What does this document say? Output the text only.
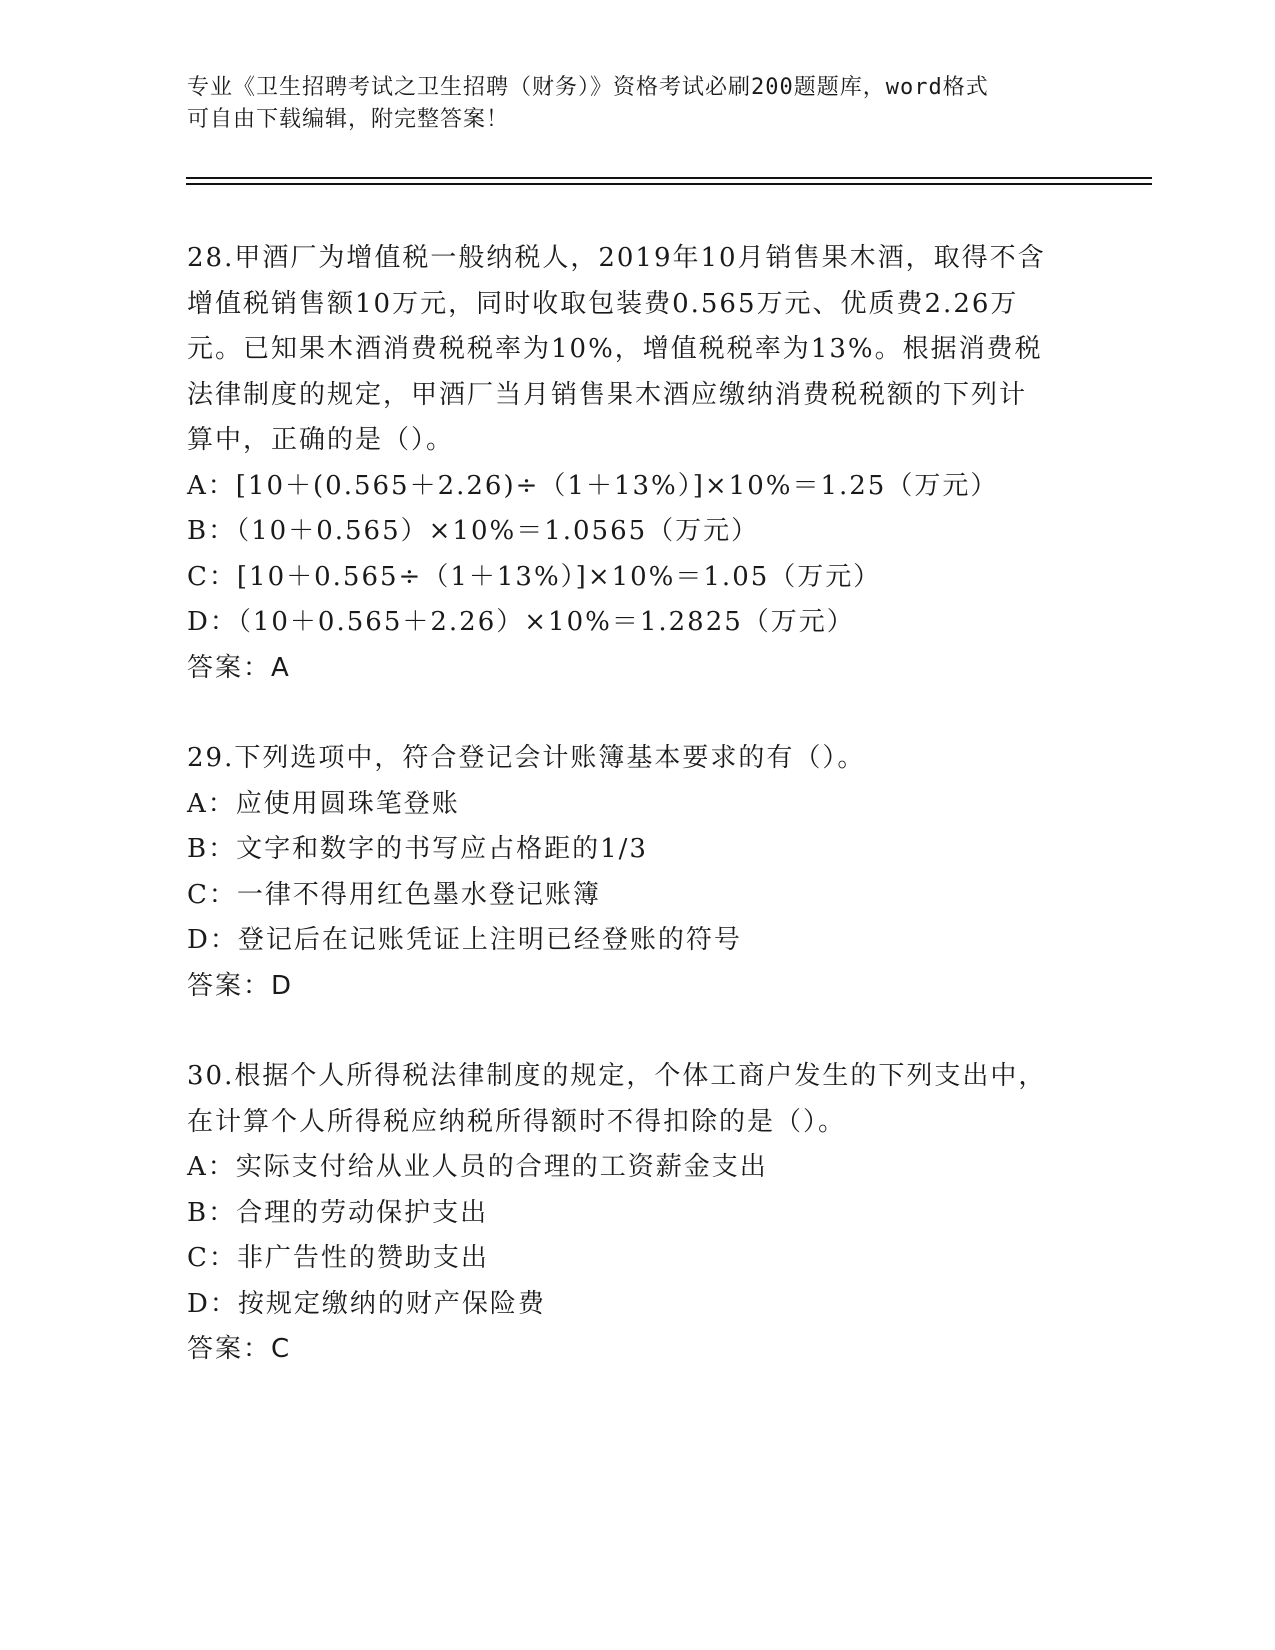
专业《卫生招聘考试之卫生招聘（财务）》资格考试必刷200题题库，word格式
可自由下载编辑，附完整答案！

28.甲酒厂为增值税一般纳税人，2019年10月销售果木酒，取得不含

增值税销售额10万元，同时收取包装费0.565万元、优质费2.26万

元。已知果木酒消费税税率为10%，增值税税率为13%。根据消费税

法律制度的规定，甲酒厂当月销售果木酒应缴纳消费税税额的下列计

算中，正确的是（）。

A：[10＋(0.565＋2.26)÷（1＋13%）]×10%＝1.25（万元）

B：（10＋0.565）×10%＝1.0565（万元）

C：[10＋0.565÷（1＋13%）]×10%＝1.05（万元）

D：（10＋0.565＋2.26）×10%＝1.2825（万元）

答案：A

29.下列选项中，符合登记会计账簿基本要求的有（）。

A：应使用圆珠笔登账

B：文字和数字的书写应占格距的1/3

C：一律不得用红色墨水登记账簿

D：登记后在记账凭证上注明已经登账的符号

答案：D

30.根据个人所得税法律制度的规定，个体工商户发生的下列支出中，

在计算个人所得税应纳税所得额时不得扣除的是（）。

A：实际支付给从业人员的合理的工资薪金支出

B：合理的劳动保护支出

C：非广告性的赞助支出

D：按规定缴纳的财产保险费

答案：C
